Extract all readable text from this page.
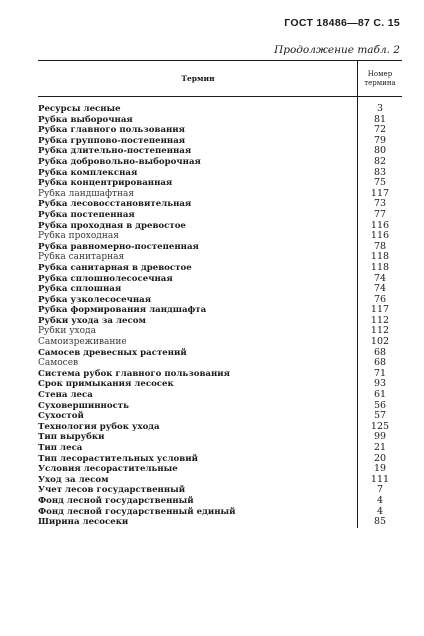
ГОСТ 18486—87 С. 15
Продолжение табл. 2
Термин
Номер
термина
Ресурсы лесные	3
Рубка выборочная	81
Рубка главного пользования	72
Рубка группово-постепенная	79
Рубка длительно-постепенная	80
Рубка добровольно-выборочная	82
Рубка комплексная	83
Рубка концентрированная	75
Рубка ландшафтная	117
Рубка лесовосстановительная	73
Рубка постепенная	77
Рубка проходная в древостое	116
Рубка проходная	116
Рубка равномерно-постепенная	78
Рубка санитарная	118
Рубка санитарная в древостое	118
Рубка сплошнолесосечная	74
Рубка сплошная	74
Рубка узколесосечная	76
Рубка формирования ландшафта	117
Рубки ухода за лесом	112
Рубки ухода	112
Самоизреживание	102
Самосев древесных растений	68
Самосев	68
Система рубок главного пользования	71
Срок примыкания лесосек	93
Стена леса	61
Суховершинность	56
Сухостой	57
Технология рубок ухода	125
Тип вырубки	99
Тип леса	21
Тип лесорастительных условий	20
Условия лесорастительные	19
Уход за лесом	111
Учет лесов государственный	7
Фонд лесной государственный	4
Фонд лесной государственный единый	4
Ширина лесосеки	85
